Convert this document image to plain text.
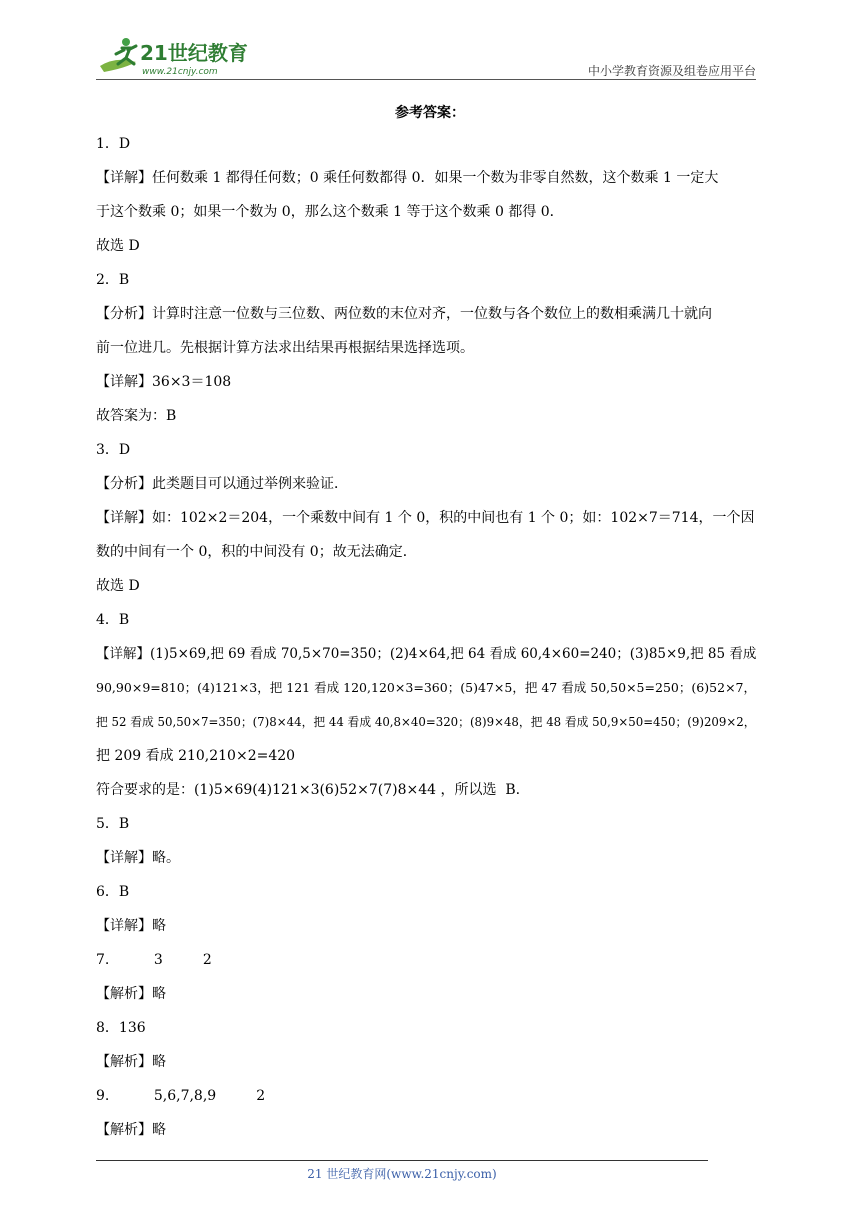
21世纪教育
www.21cnjy.com	中小学教育资源及组卷应用平台
参考答案：
1．D
【详解】任何数乘 1 都得任何数；0 乘任何数都得 0．如果一个数为非零自然数，这个数乘 1 一定大
于这个数乘 0；如果一个数为 0，那么这个数乘 1 等于这个数乘 0 都得 0．
故选 D
2．B
【分析】计算时注意一位数与三位数、两位数的末位对齐，一位数与各个数位上的数相乘满几十就向
前一位进几。先根据计算方法求出结果再根据结果选择选项。
【详解】36×3＝108
故答案为：B
3．D
【分析】此类题目可以通过举例来验证．
【详解】如：102×2＝204，一个乘数中间有 1 个 0，积的中间也有 1 个 0；如：102×7＝714，一个因
数的中间有一个 0，积的中间没有 0；故无法确定．
故选 D
4．B
【详解】(1)5×69,把 69 看成 70,5×70=350；(2)4×64,把 64 看成 60,4×60=240；(3)85×9,把 85 看成
90,90×9=810；(4)121×3，把 121 看成 120,120×3=360；(5)47×5，把 47 看成 50,50×5=250；(6)52×7，
把 52 看成 50,50×7=350；(7)8×44，把 44 看成 40,8×40=320；(8)9×48，把 48 看成 50,9×50=450；(9)209×2，
把 209 看成 210,210×2=420
符合要求的是：(1)5×69(4)121×3(6)52×7(7)8×44 ，所以选  B.
5．B
【详解】略。
6．B
【详解】略
7.          3         2
【解析】略
8．136
【解析】略
9.          5,6,7,8,9         2
【解析】略
21 世纪教育网(www.21cnjy.com)
